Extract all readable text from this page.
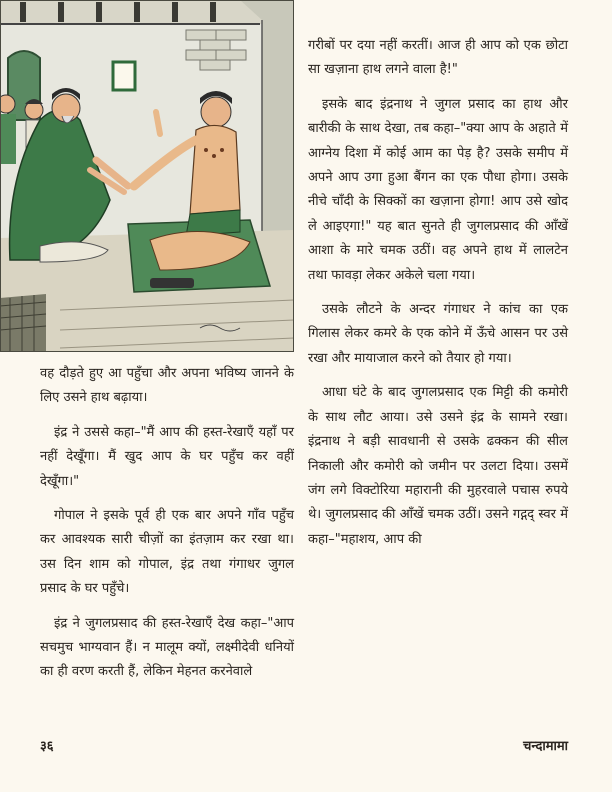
वह दौड़ते हुए आ पहुँचा और अपना भविष्य जानने के लिए उसने हाथ बढ़ाया।

इंद्र ने उससे कहा–"मैं आप की हस्त-रेखाएँ यहाँ पर नहीं देखूँगा। मैं खुद आप के घर पहुँच कर वहीं देखूँगा।"

गोपाल ने इसके पूर्व ही एक बार अपने गाँव पहुँच कर आवश्यक सारी चीज़ों का इंतज़ाम कर रखा था। उस दिन शाम को गोपाल, इंद्र तथा गंगाधर जुगल प्रसाद के घर पहुँचे।

इंद्र ने जुगलप्रसाद की हस्त-रेखाएँ देख कहा–"आप सचमुच भाग्यवान हैं। न मालूम क्यों, लक्ष्मीदेवी धनियों का ही वरण करती हैं, लेकिन मेहनत करनेवाले

गरीबों पर दया नहीं करतीं। आज ही आप को एक छोटा सा खज़ाना हाथ लगने वाला है!"

इसके बाद इंद्रनाथ ने जुगल प्रसाद का हाथ और बारीकी के साथ देखा, तब कहा–"क्या आप के अहाते में आग्नेय दिशा में कोई आम का पेड़ है? उसके समीप में अपने आप उगा हुआ बैंगन का एक पौधा होगा। उसके नीचे चाँदी के सिक्कों का खज़ाना होगा! आप उसे खोद ले आइएगा!" यह बात सुनते ही जुगलप्रसाद की आँखें आशा के मारे चमक उठीं। वह अपने हाथ में लालटेन तथा फावड़ा लेकर अकेले चला गया।

उसके लौटने के अन्दर गंगाधर ने कांच का एक गिलास लेकर कमरे के एक कोने में ऊँचे आसन पर उसे रखा और मायाजाल करने को तैयार हो गया।

आधा घंटे के बाद जुगलप्रसाद एक मिट्टी की कमोरी के साथ लौट आया। उसे उसने इंद्र के सामने रखा। इंद्रनाथ ने बड़ी सावधानी से उसके ढक्कन की सील निकाली और कमोरी को जमीन पर उलटा दिया। उसमें जंग लगे विक्टोरिया महारानी की मुहरवाले पचास रुपये थे। जुगलप्रसाद की आँखें चमक उठीं। उसने गद्गद् स्वर में कहा–"महाशय, आप की

३६	चन्दामामा
